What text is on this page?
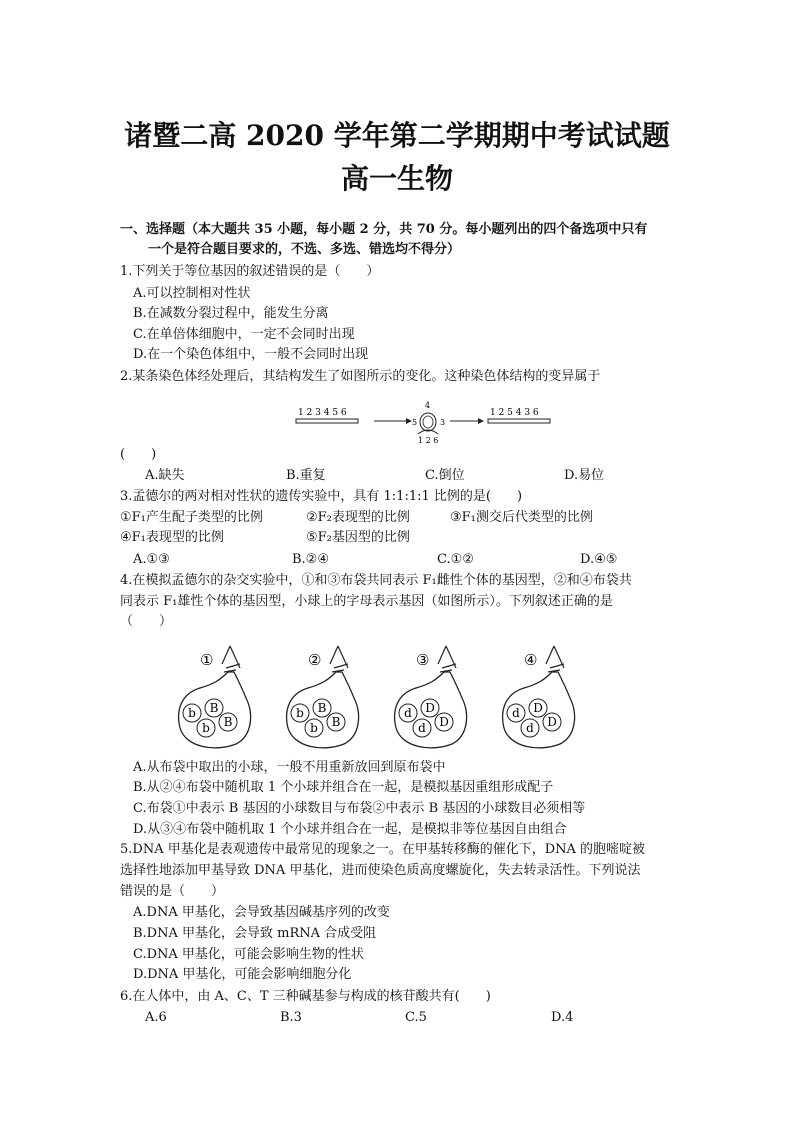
诸暨二高 2020 学年第二学期期中考试试题
高一生物
一、选择题（本大题共 35 小题，每小题 2 分，共 70 分。每小题列出的四个备选项中只有
一个是符合题目要求的，不选、多选、错选均不得分）
1.下列关于等位基因的叙述错误的是（　　）
A.可以控制相对性状
B.在减数分裂过程中，能发生分离
C.在单倍体细胞中，一定不会同时出现
D.在一个染色体组中，一般不会同时出现
2.某条染色体经处理后，其结构发生了如图所示的变化。这种染色体结构的变异属于
1 2 3 4 5 6
4
5	3
1 2 6
1 2 5 4 3 6
(　　)
A.缺失	B.重复	C.倒位	D.易位
3.孟德尔的两对相对性状的遗传实验中，具有 1:1:1:1 比例的是(　　)
①F₁产生配子类型的比例	②F₂表现型的比例	③F₁测交后代类型的比例
④F₁表现型的比例	⑤F₂基因型的比例
A.①③	B.②④	C.①②	D.④⑤
4.在模拟孟德尔的杂交实验中，①和③布袋共同表示 F₁雌性个体的基因型，②和④布袋共
同表示 F₁雄性个体的基因型，小球上的字母表示基因（如图所示）。下列叙述正确的是
（　　）
①
b B
b B
②
b B
b B
③
d D
d D
④
d D
d D
A.从布袋中取出的小球，一般不用重新放回到原布袋中
B.从②④布袋中随机取 1 个小球并组合在一起，是模拟基因重组形成配子
C.布袋①中表示 B 基因的小球数目与布袋②中表示 B 基因的小球数目必须相等
D.从③④布袋中随机取 1 个小球并组合在一起，是模拟非等位基因自由组合
5.DNA 甲基化是表观遗传中最常见的现象之一。在甲基转移酶的催化下，DNA 的胞嘧啶被
选择性地添加甲基导致 DNA 甲基化，进而使染色质高度螺旋化，失去转录活性。下列说法
错误的是（　　）
A.DNA 甲基化，会导致基因碱基序列的改变
B.DNA 甲基化，会导致 mRNA 合成受阻
C.DNA 甲基化，可能会影响生物的性状
D.DNA 甲基化，可能会影响细胞分化
6.在人体中，由 A、C、T 三种碱基参与构成的核苷酸共有(　　)
A.6	B.3	C.5	D.4
